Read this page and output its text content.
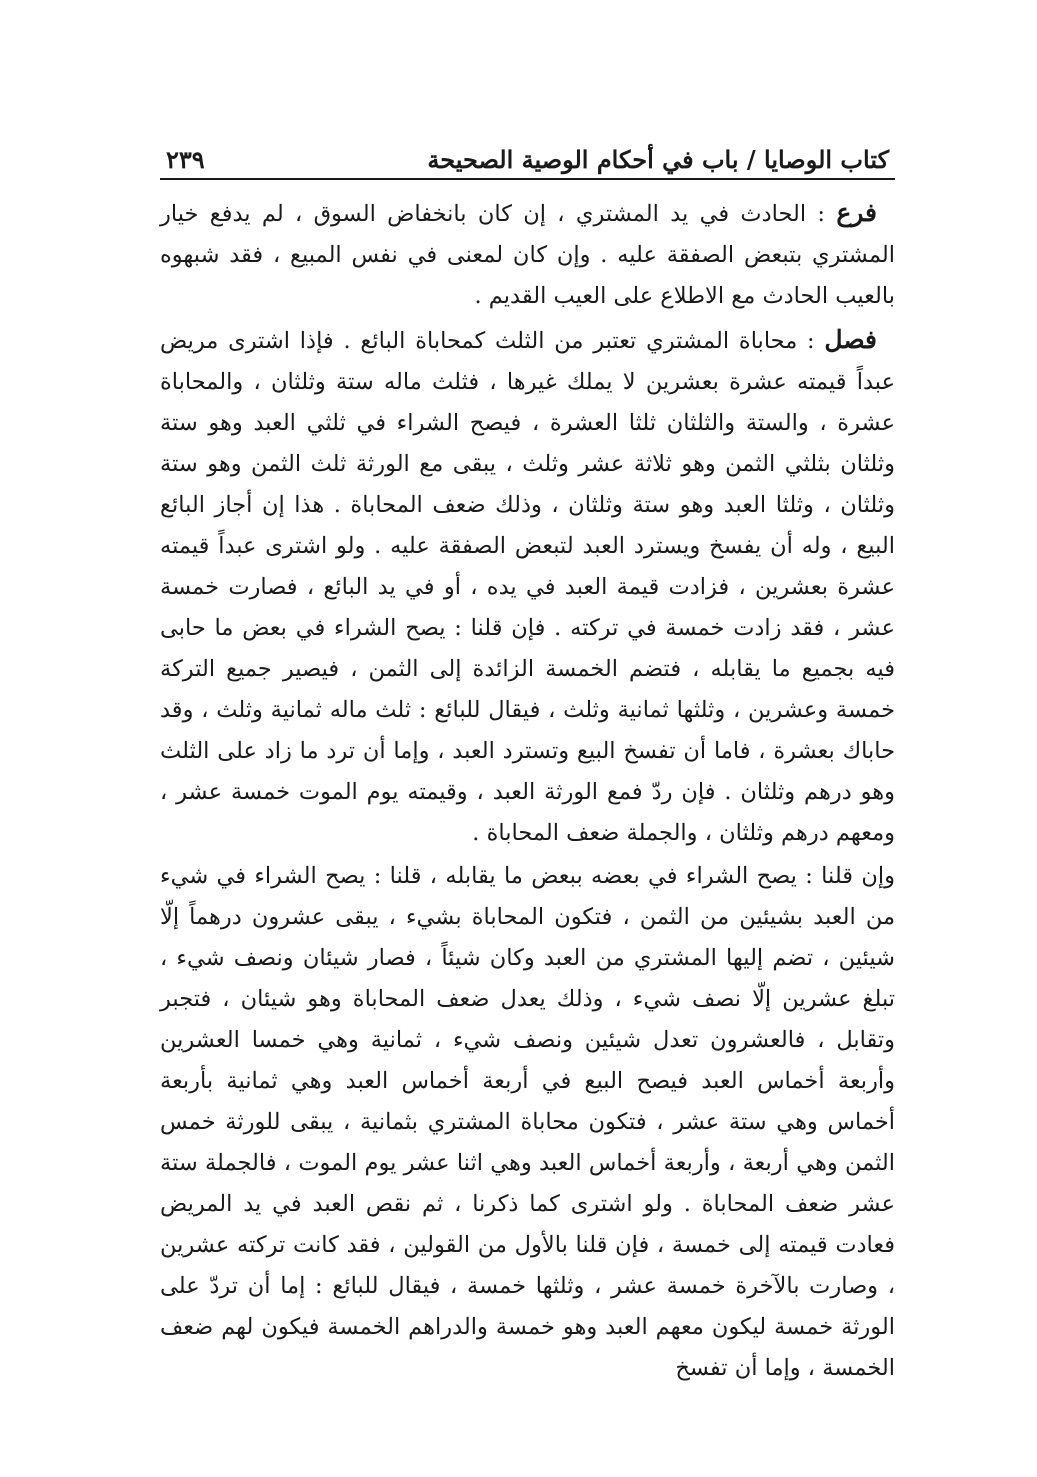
كتاب الوصايا / باب في أحكام الوصية الصحيحة
٢٣٩

فرع : الحادث في يد المشتري ، إن كان بانخفاض السوق ، لم يدفع خيار المشتري بتبعض الصفقة عليه . وإن كان لمعنى في نفس المبيع ، فقد شبهوه بالعيب الحادث مع الاطلاع على العيب القديم .

فصل : محاباة المشتري تعتبر من الثلث كمحاباة البائع . فإذا اشترى مريض عبداً قيمته عشرة بعشرين لا يملك غيرها ، فثلث ماله ستة وثلثان ، والمحاباة عشرة ، والستة والثلثان ثلثا العشرة ، فيصح الشراء في ثلثي العبد وهو ستة وثلثان بثلثي الثمن وهو ثلاثة عشر وثلث ، يبقى مع الورثة ثلث الثمن وهو ستة وثلثان ، وثلثا العبد وهو ستة وثلثان ، وذلك ضعف المحاباة . هذا إن أجاز البائع البيع ، وله أن يفسخ ويسترد العبد لتبعض الصفقة عليه . ولو اشترى عبداً قيمته عشرة بعشرين ، فزادت قيمة العبد في يده ، أو في يد البائع ، فصارت خمسة عشر ، فقد زادت خمسة في تركته . فإن قلنا : يصح الشراء في بعض ما حابى فيه بجميع ما يقابله ، فتضم الخمسة الزائدة إلى الثمن ، فيصير جميع التركة خمسة وعشرين ، وثلثها ثمانية وثلث ، فيقال للبائع : ثلث ماله ثمانية وثلث ، وقد حاباك بعشرة ، فاما أن تفسخ البيع وتسترد العبد ، وإما أن ترد ما زاد على الثلث وهو درهم وثلثان . فإن ردّ فمع الورثة العبد ، وقيمته يوم الموت خمسة عشر ، ومعهم درهم وثلثان ، والجملة ضعف المحاباة .

وإن قلنا : يصح الشراء في بعضه ببعض ما يقابله ، قلنا : يصح الشراء في شيء من العبد بشيئين من الثمن ، فتكون المحاباة بشيء ، يبقى عشرون درهماً إلّا شيئين ، تضم إليها المشتري من العبد وكان شيئاً ، فصار شيئان ونصف شيء ، تبلغ عشرين إلّا نصف شيء ، وذلك يعدل ضعف المحاباة وهو شيئان ، فتجبر وتقابل ، فالعشرون تعدل شيئين ونصف شيء ، ثمانية وهي خمسا العشرين وأربعة أخماس العبد فيصح البيع في أربعة أخماس العبد وهي ثمانية بأربعة أخماس وهي ستة عشر ، فتكون محاباة المشتري بثمانية ، يبقى للورثة خمس الثمن وهي أربعة ، وأربعة أخماس العبد وهي اثنا عشر يوم الموت ، فالجملة ستة عشر ضعف المحاباة . ولو اشترى كما ذكرنا ، ثم نقص العبد في يد المريض فعادت قيمته إلى خمسة ، فإن قلنا بالأول من القولين ، فقد كانت تركته عشرين ، وصارت بالآخرة خمسة عشر ، وثلثها خمسة ، فيقال للبائع : إما أن تردّ على الورثة خمسة ليكون معهم العبد وهو خمسة والدراهم الخمسة فيكون لهم ضعف الخمسة ، وإما أن تفسخ
